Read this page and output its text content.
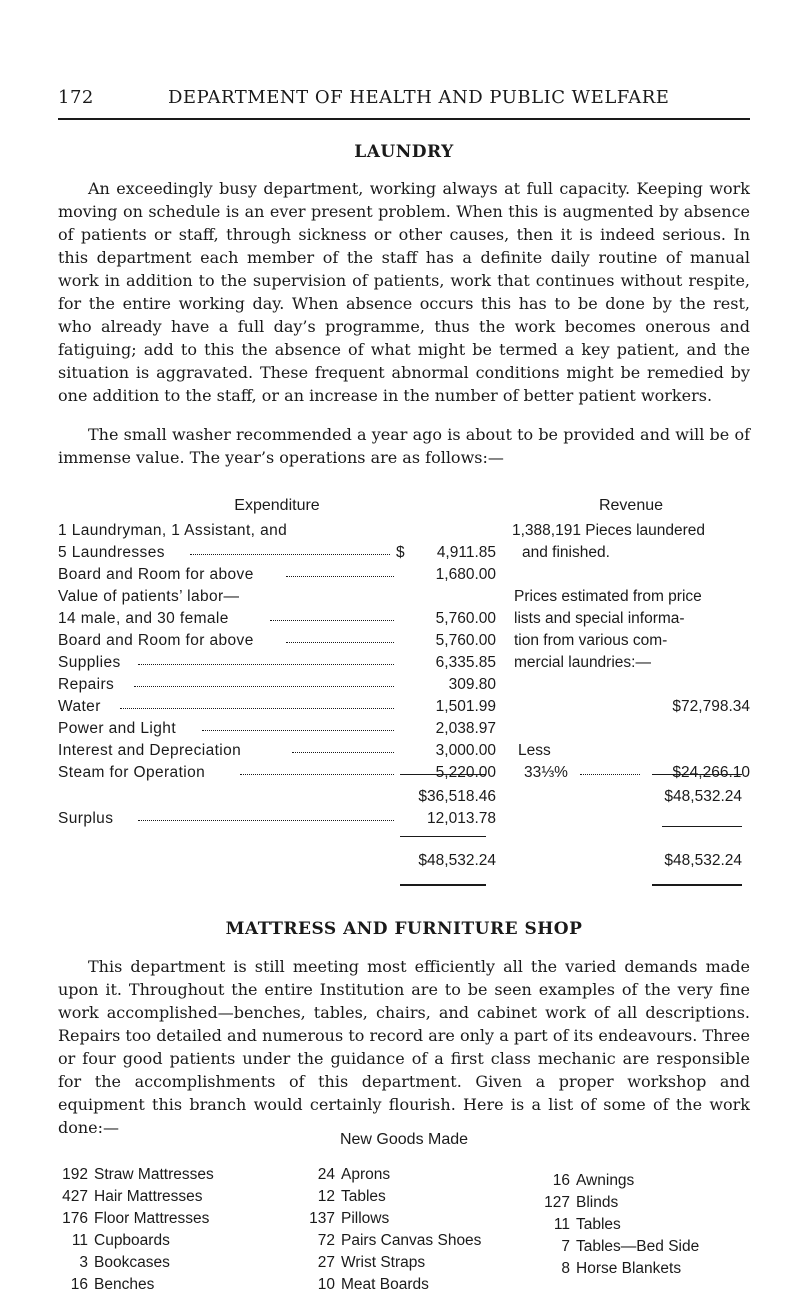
172	DEPARTMENT OF HEALTH AND PUBLIC WELFARE
LAUNDRY

An exceedingly busy department, working always at full capacity. Keeping work moving on schedule is an ever present problem. When this is augmented by absence of patients or staff, through sickness or other causes, then it is indeed serious. In this department each member of the staff has a definite daily routine of manual work in addition to the supervision of patients, work that continues without respite, for the entire working day. When absence occurs this has to be done by the rest, who already have a full day’s programme, thus the work becomes onerous and fatiguing; add to this the absence of what might be termed a key patient, and the situation is aggravated. These frequent abnormal conditions might be remedied by one addition to the staff, or an increase in the number of better patient workers.

The small washer recommended a year ago is about to be provided and will be of immense value. The year’s operations are as follows:—

Expenditure
1 Laundryman, 1 Assistant, and
5 Laundresses	$	4,911.85
Board and Room for above	1,680.00
Value of patients’ labor—
14 male, and 30 female	5,760.00
Board and Room for above	5,760.00
Supplies	6,335.85
Repairs	309.80
Water	1,501.99
Power and Light	2,038.97
Interest and Depreciation	3,000.00
Steam for Operation	5,220.00
$36,518.46
Surplus	12,013.78
$48,532.24
Revenue
1,388,191 Pieces laundered
and finished.
Prices estimated from price
lists and special informa-
tion from various com-
mercial laundries:—
$72,798.34
Less
33⅓%	$24,266.10
$48,532.24
$48,532.24
MATTRESS AND FURNITURE SHOP

This department is still meeting most efficiently all the varied demands made upon it. Throughout the entire Institution are to be seen examples of the very fine work accomplished—benches, tables, chairs, and cabinet work of all descriptions. Repairs too detailed and numerous to record are only a part of its endeavours. Three or four good patients under the guidance of a first class mechanic are responsible for the accomplishments of this department. Given a proper workshop and equipment this branch would certainly flourish. Here is a list of some of the work done:—

New Goods Made
192 Straw Mattresses
427 Hair Mattresses
176 Floor Mattresses
11 Cupboards
3 Bookcases
16 Benches
24 Aprons
12 Tables
137 Pillows
72 Pairs Canvas Shoes
27 Wrist Straps
10 Meat Boards
16 Awnings
127 Blinds
11 Tables
7 Tables—Bed Side
8 Horse Blankets
